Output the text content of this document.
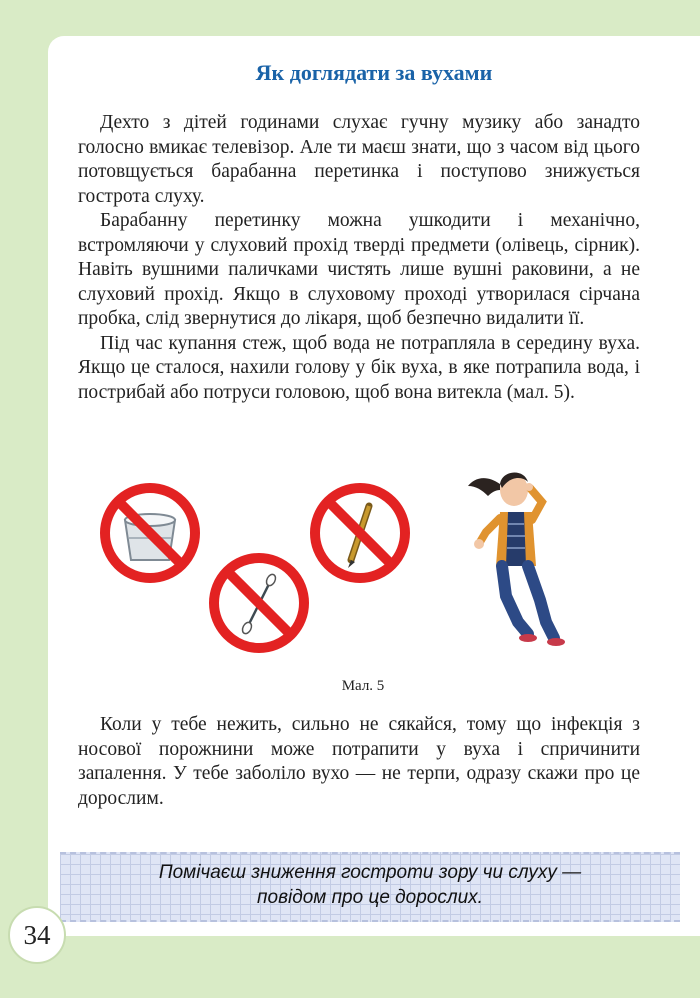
Як доглядати за вухами

Дехто з дітей годинами слухає гучну музику або занадто голосно вмикає телевізор. Але ти маєш знати, що з часом від цього потовщується барабанна перетинка і поступово знижується гострота слуху.

Барабанну перетинку можна ушкодити і механічно, встромляючи у слуховий прохід тверді предмети (олівець, сірник). Навіть вушними паличками чистять лише вушні раковини, а не слуховий прохід. Якщо в слуховому проході утворилася сірчана пробка, слід звернутися до лікаря, щоб безпечно видалити її.

Під час купання стеж, щоб вода не потрапляла в середину вуха. Якщо це сталося, нахили голову у бік вуха, в яке потрапила вода, і пострибай або потруси головою, щоб вона витекла (мал. 5).

Мал. 5

Коли у тебе нежить, сильно не сякайся, тому що інфекція з носової порожнини може потрапити у вуха і спричинити запалення. У тебе заболіло вухо — не терпи, одразу скажи про це дорослим.

Помічаєш зниження гостроти зору чи слуху —
повідом про це дорослих.
34
